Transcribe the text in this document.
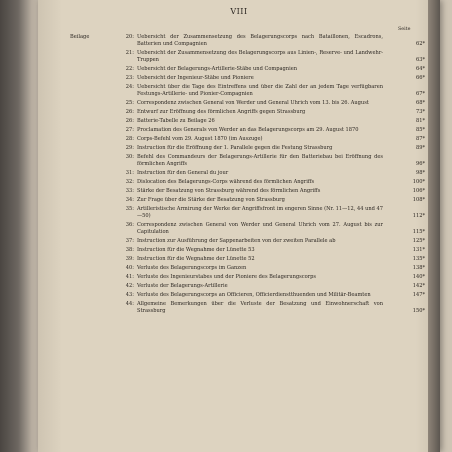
VIII
Seite
Beilage	20: Uebersicht der Zusammensetzung des Belagerungscorps nach Bataillonen, Escadrons, Batterien und Compagnien	62*
21: Uebersicht der Zusammensetzung des Belagerungscorps aus Linien-, Reserve- und Landwehr-Truppen	63*
22: Uebersicht der Belagerungs-Artillerie-Stäbe und Compagnien	64*
23: Uebersicht der Ingenieur-Stäbe und Pioniere	66*
24: Uebersicht über die Tage des Eintreffens und über die Zahl der an jedem Tage verfügbaren Festungs-Artillerie- und Pionier-Compagnien	67*
25: Correspondenz zwischen General von Werder und General Uhrich vom 13. bis 26. August	68*
26: Entwurf zur Eröffnung des förmlichen Angriffs gegen Strassburg	73*
26: Batterie-Tabelle zu Beilage 26	81*
27: Proclamation des Generals von Werder an das Belagerungscorps am 29. August 1870	85*
28: Corps-Befehl vom 29. August 1870 (im Auszuge)	87*
29: Instruction für die Eröffnung der 1. Parallele gegen die Festung Strassburg	89*
30: Befehl des Commandeurs der Belagerungs-Artillerie für den Batteriebau bei Eröffnung des förmlichen Angriffs	96*
31: Instruction für den General du jour	98*
32: Dislocation des Belagerungs-Corps während des förmlichen Angriffs	100*
33: Stärke der Besatzung von Strassburg während des förmlichen Angriffs	106*
34: Zur Frage über die Stärke der Besatzung von Strassburg	108*
35: Artilleristische Armirung der Werke der Angriffsfront im engeren Sinne (Nr. 11—12, 44 und 47—50)	112*
36: Correspondenz zwischen General von Werder und General Uhrich vom 27. August bis zur Capitulation	115*
37: Instruction zur Ausführung der Sappenarbeiten von der zweiten Parallele ab	125*
38: Instruction für die Wegnahme der Lünette 53	131*
39: Instruction für die Wegnahme der Lünette 52	135*
40: Verluste des Belagerungscorps im Ganzen	138*
41: Verluste des Ingenieurstabes und der Pioniere des Belagerungscorps	140*
42: Verluste der Belagerungs-Artillerie	142*
43: Verluste des Belagerungscorps an Officieren, Officierdienstthuenden und Militär-Beamten	147*
44: Allgemeine Bemerkungen über die Verluste der Besatzung und Einwohnerschaft von Strassburg	150*
